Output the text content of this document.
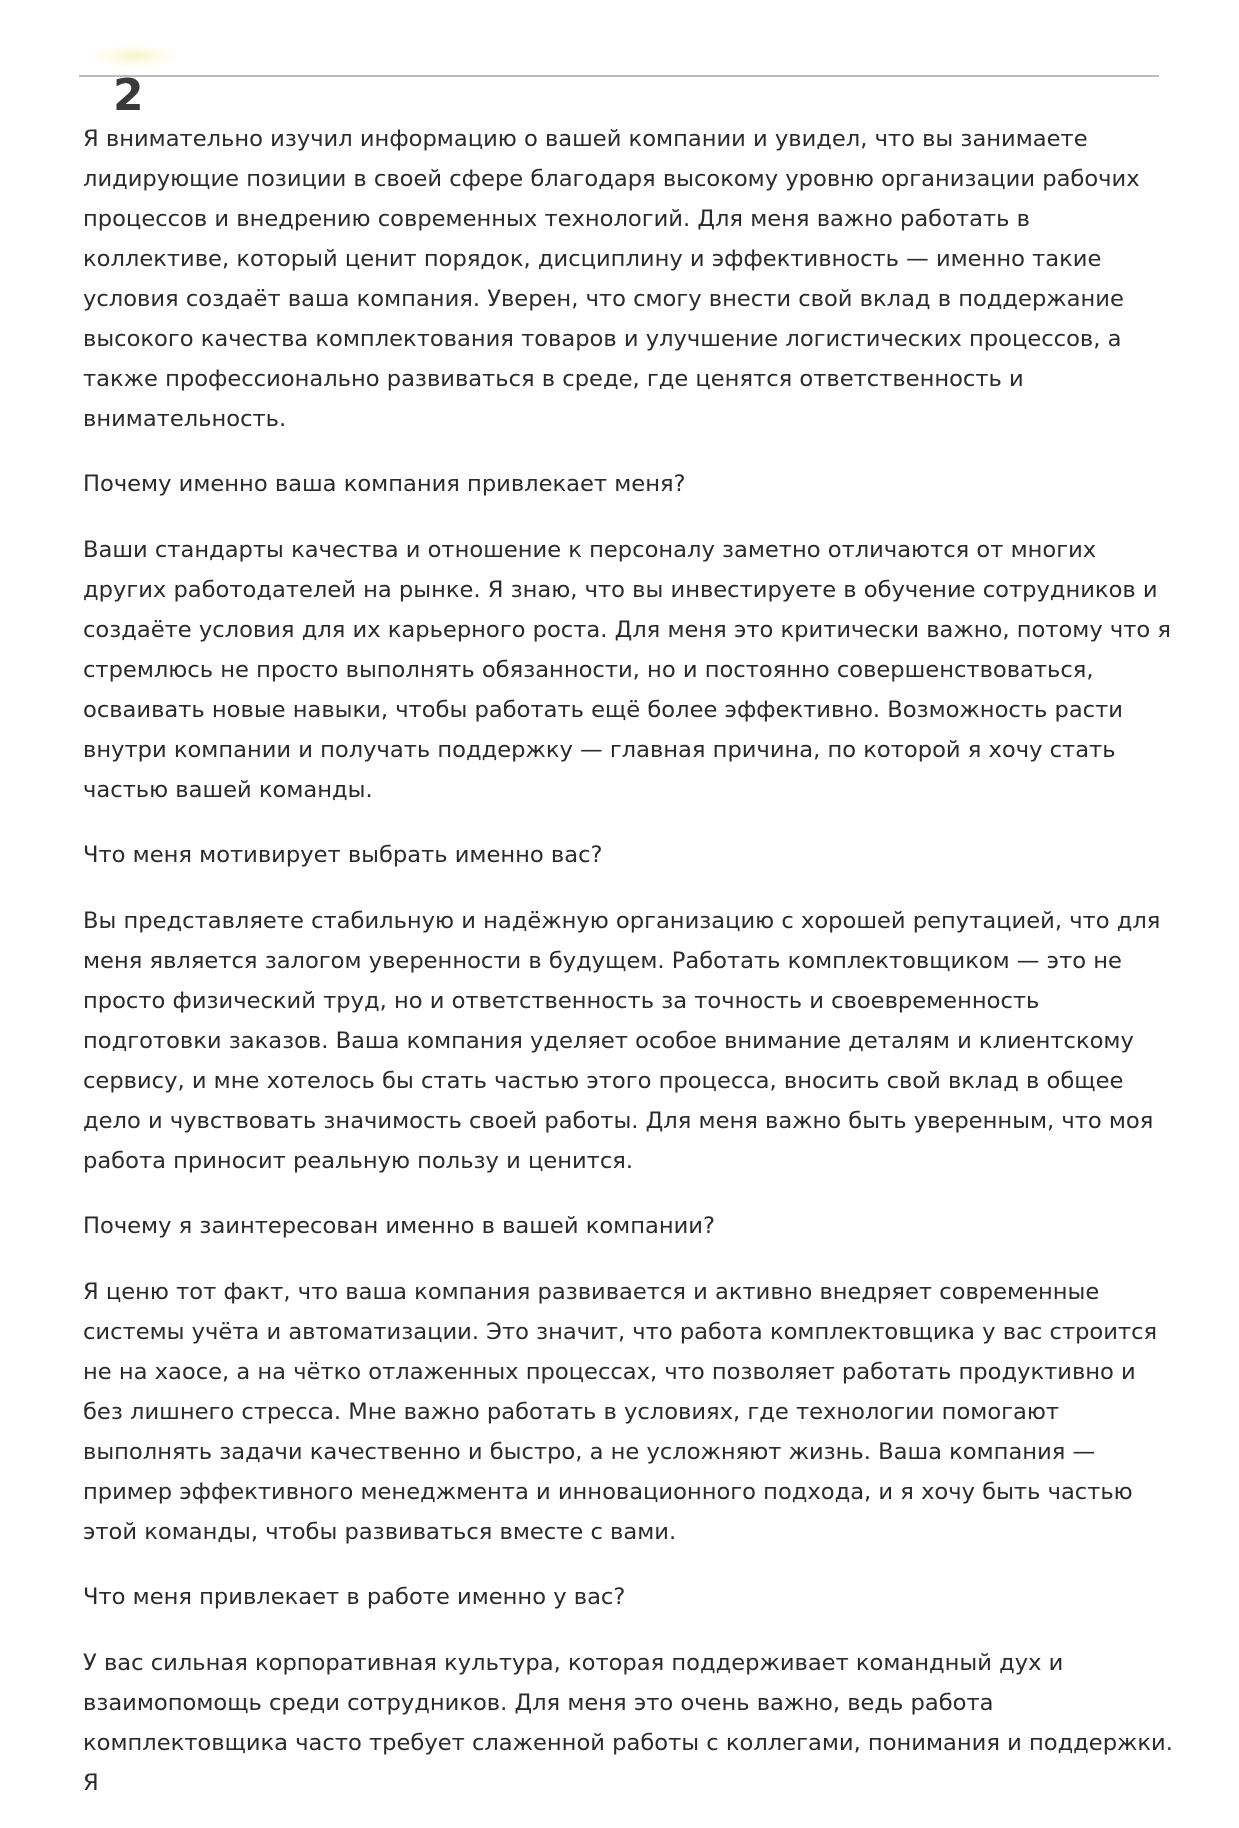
2

Я внимательно изучил информацию о вашей компании и увидел, что вы занимаете лидирующие позиции в своей сфере благодаря высокому уровню организации рабочих процессов и внедрению современных технологий. Для меня важно работать в коллективе, который ценит порядок, дисциплину и эффективность — именно такие условия создаёт ваша компания. Уверен, что смогу внести свой вклад в поддержание высокого качества комплектования товаров и улучшение логистических процессов, а также профессионально развиваться в среде, где ценятся ответственность и внимательность.

Почему именно ваша компания привлекает меня?

Ваши стандарты качества и отношение к персоналу заметно отличаются от многих других работодателей на рынке. Я знаю, что вы инвестируете в обучение сотрудников и создаёте условия для их карьерного роста. Для меня это критически важно, потому что я стремлюсь не просто выполнять обязанности, но и постоянно совершенствоваться, осваивать новые навыки, чтобы работать ещё более эффективно. Возможность расти внутри компании и получать поддержку — главная причина, по которой я хочу стать частью вашей команды.

Что меня мотивирует выбрать именно вас?

Вы представляете стабильную и надёжную организацию с хорошей репутацией, что для меня является залогом уверенности в будущем. Работать комплектовщиком — это не просто физический труд, но и ответственность за точность и своевременность подготовки заказов. Ваша компания уделяет особое внимание деталям и клиентскому сервису, и мне хотелось бы стать частью этого процесса, вносить свой вклад в общее дело и чувствовать значимость своей работы. Для меня важно быть уверенным, что моя работа приносит реальную пользу и ценится.

Почему я заинтересован именно в вашей компании?

Я ценю тот факт, что ваша компания развивается и активно внедряет современные системы учёта и автоматизации. Это значит, что работа комплектовщика у вас строится не на хаосе, а на чётко отлаженных процессах, что позволяет работать продуктивно и без лишнего стресса. Мне важно работать в условиях, где технологии помогают выполнять задачи качественно и быстро, а не усложняют жизнь. Ваша компания — пример эффективного менеджмента и инновационного подхода, и я хочу быть частью этой команды, чтобы развиваться вместе с вами.

Что меня привлекает в работе именно у вас?

У вас сильная корпоративная культура, которая поддерживает командный дух и взаимопомощь среди сотрудников. Для меня это очень важно, ведь работа комплектовщика часто требует слаженной работы с коллегами, понимания и поддержки. Я
